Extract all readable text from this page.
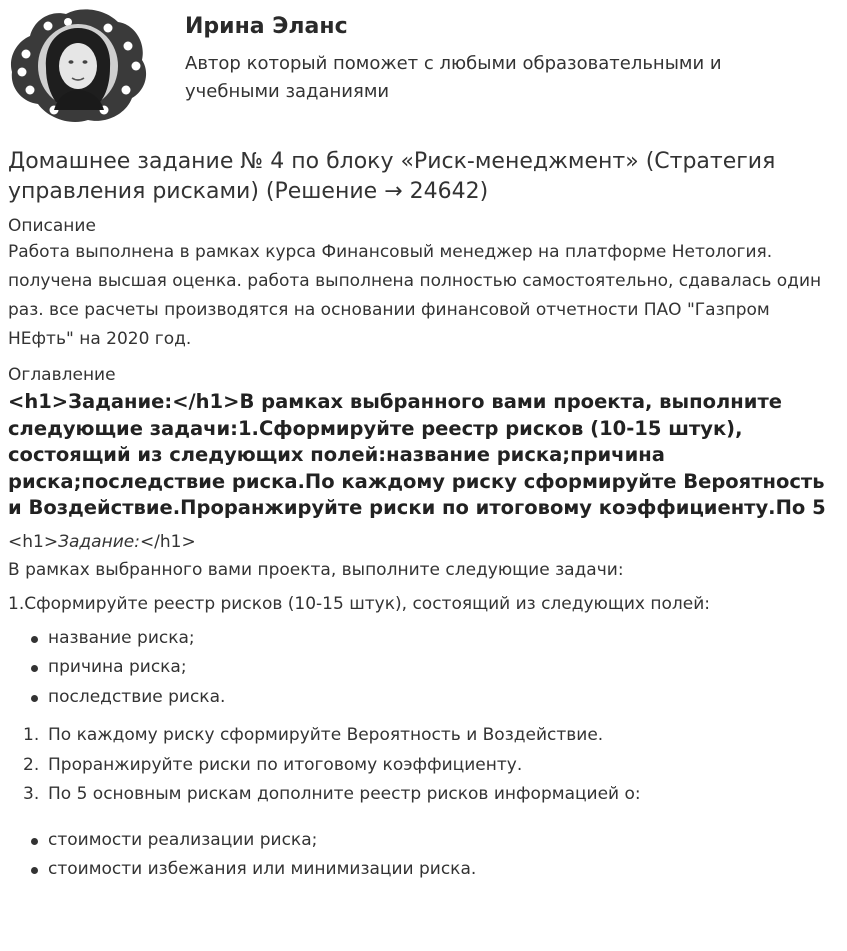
Ирина Эланс

Автор который поможет с любыми образовательными и учебными заданиями

Домашнее задание № 4 по блоку «Риск-менеджмент» (Стратегия управления рисками) (Решение → 24642)

Описание

Работа выполнена в рамках курса Финансовый менеджер на платформе Нетология. получена высшая оценка. работа выполнена полностью самостоятельно, сдавалась один раз. все расчеты производятся на основании финансовой отчетности ПАО "Газпром НЕфть" на 2020 год.

Оглавление

<h1>Задание:</h1>В рамках выбранного вами проекта, выполните следующие задачи:1.Сформируйте реестр рисков (10-15 штук), состоящий из следующих полей:название риска;причина риска;последствие риска.По каждому риску сформируйте Вероятность и Воздействие.Проранжируйте риски по итоговому коэффициенту.По 5

<h1>Задание:</h1>

В рамках выбранного вами проекта, выполните следующие задачи:

1.Сформируйте реестр рисков (10-15 штук), состоящий из следующих полей:

название риска;
причина риска;
последствие риска.
1. По каждому риску сформируйте Вероятность и Воздействие.
2. Проранжируйте риски по итоговому коэффициенту.
3. По 5 основным рискам дополните реестр рисков информацией о:
стоимости реализации риска;
стоимости избежания или минимизации риска.
